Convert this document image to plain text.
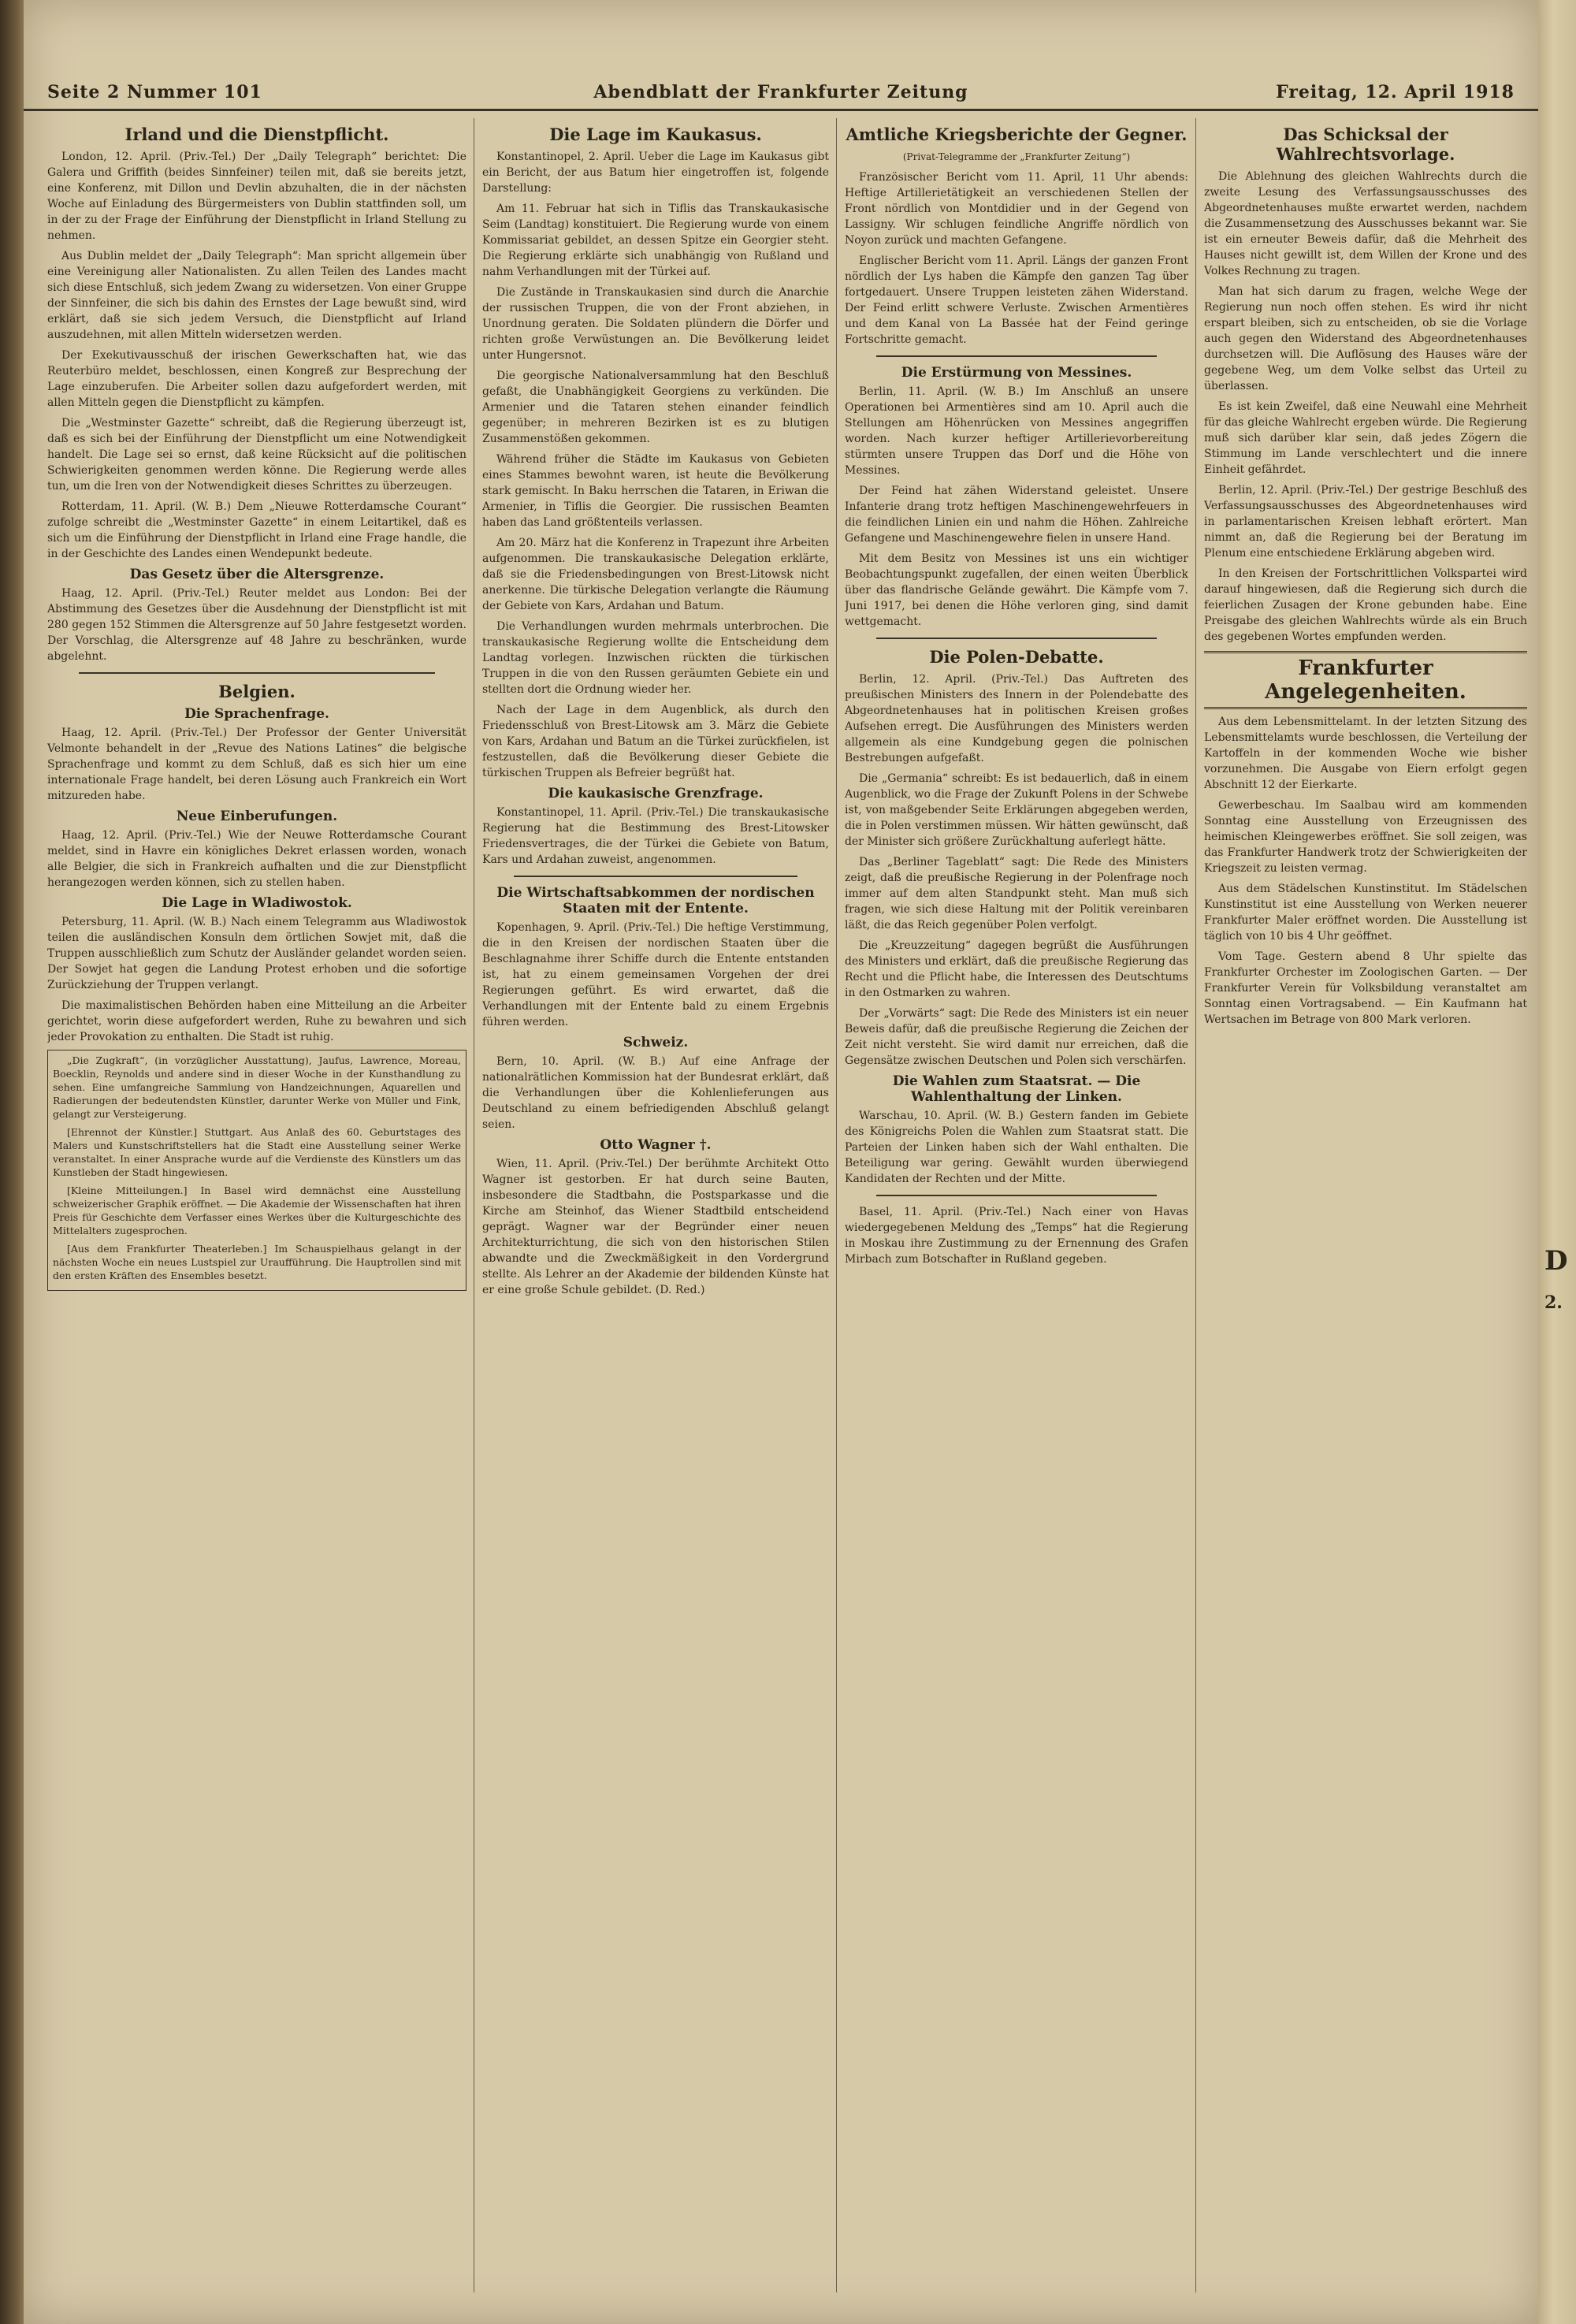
Seite 2 Nummer 101	Abendblatt der Frankfurter Zeitung	Freitag, 12. April 1918
Irland und die Dienstpflicht.

London, 12. April. (Priv.-Tel.) Der „Daily Telegraph“ berichtet: Die Galera und Griffith (beides Sinnfeiner) teilen mit, daß sie bereits jetzt, eine Konferenz, mit Dillon und Devlin abzuhalten, die in der nächsten Woche auf Einladung des Bürgermeisters von Dublin stattfinden soll, um in der zu der Frage der Einführung der Dienstpflicht in Irland Stellung zu nehmen.

Aus Dublin meldet der „Daily Telegraph“: Man spricht allgemein über eine Vereinigung aller Nationalisten. Zu allen Teilen des Landes macht sich diese Entschluß, sich jedem Zwang zu widersetzen. Von einer Gruppe der Sinnfeiner, die sich bis dahin des Ernstes der Lage bewußt sind, wird erklärt, daß sie sich jedem Versuch, die Dienstpflicht auf Irland auszudehnen, mit allen Mitteln widersetzen werden.

Der Exekutivausschuß der irischen Gewerkschaften hat, wie das Reuterbüro meldet, beschlossen, einen Kongreß zur Besprechung der Lage einzuberufen. Die Arbeiter sollen dazu aufgefordert werden, mit allen Mitteln gegen die Dienstpflicht zu kämpfen.

Die „Westminster Gazette“ schreibt, daß die Regierung überzeugt ist, daß es sich bei der Einführung der Dienstpflicht um eine Notwendigkeit handelt. Die Lage sei so ernst, daß keine Rücksicht auf die politischen Schwierigkeiten genommen werden könne. Die Regierung werde alles tun, um die Iren von der Notwendigkeit dieses Schrittes zu überzeugen.

Rotterdam, 11. April. (W. B.) Dem „Nieuwe Rotterdamsche Courant“ zufolge schreibt die „Westminster Gazette“ in einem Leitartikel, daß es sich um die Einführung der Dienstpflicht in Irland eine Frage handle, die in der Geschichte des Landes einen Wendepunkt bedeute.

Das Gesetz über die Altersgrenze.

Haag, 12. April. (Priv.-Tel.) Reuter meldet aus London: Bei der Abstimmung des Gesetzes über die Ausdehnung der Dienstpflicht ist mit 280 gegen 152 Stimmen die Altersgrenze auf 50 Jahre festgesetzt worden. Der Vorschlag, die Altersgrenze auf 48 Jahre zu beschränken, wurde abgelehnt.

Belgien.
Die Sprachenfrage.

Haag, 12. April. (Priv.-Tel.) Der Professor der Genter Universität Velmonte behandelt in der „Revue des Nations Latines“ die belgische Sprachenfrage und kommt zu dem Schluß, daß es sich hier um eine internationale Frage handelt, bei deren Lösung auch Frankreich ein Wort mitzureden habe.

Neue Einberufungen.

Haag, 12. April. (Priv.-Tel.) Wie der Neuwe Rotterdamsche Courant meldet, sind in Havre ein königliches Dekret erlassen worden, wonach alle Belgier, die sich in Frankreich aufhalten und die zur Dienstpflicht herangezogen werden können, sich zu stellen haben.

Die Lage in Wladiwostok.

Petersburg, 11. April. (W. B.) Nach einem Telegramm aus Wladiwostok teilen die ausländischen Konsuln dem örtlichen Sowjet mit, daß die Truppen ausschließlich zum Schutz der Ausländer gelandet worden seien. Der Sowjet hat gegen die Landung Protest erhoben und die sofortige Zurückziehung der Truppen verlangt.

Die maximalistischen Behörden haben eine Mitteilung an die Arbeiter gerichtet, worin diese aufgefordert werden, Ruhe zu bewahren und sich jeder Provokation zu enthalten. Die Stadt ist ruhig.

„Die Zugkraft“, (in vorzüglicher Ausstattung), Jaufus, Lawrence, Moreau, Boecklin, Reynolds und andere sind in dieser Woche in der Kunsthandlung zu sehen. Eine umfangreiche Sammlung von Handzeichnungen, Aquarellen und Radierungen der bedeutendsten Künstler, darunter Werke von Müller und Fink, gelangt zur Versteigerung.

[Ehrennot der Künstler.] Stuttgart. Aus Anlaß des 60. Geburtstages des Malers und Kunstschriftstellers hat die Stadt eine Ausstellung seiner Werke veranstaltet. In einer Ansprache wurde auf die Verdienste des Künstlers um das Kunstleben der Stadt hingewiesen.

[Kleine Mitteilungen.] In Basel wird demnächst eine Ausstellung schweizerischer Graphik eröffnet. — Die Akademie der Wissenschaften hat ihren Preis für Geschichte dem Verfasser eines Werkes über die Kulturgeschichte des Mittelalters zugesprochen.

[Aus dem Frankfurter Theaterleben.] Im Schauspielhaus gelangt in der nächsten Woche ein neues Lustspiel zur Uraufführung. Die Hauptrollen sind mit den ersten Kräften des Ensembles besetzt.

Die Lage im Kaukasus.

Konstantinopel, 2. April. Ueber die Lage im Kaukasus gibt ein Bericht, der aus Batum hier eingetroffen ist, folgende Darstellung:

Am 11. Februar hat sich in Tiflis das Transkaukasische Seim (Landtag) konstituiert. Die Regierung wurde von einem Kommissariat gebildet, an dessen Spitze ein Georgier steht. Die Regierung erklärte sich unabhängig von Rußland und nahm Verhandlungen mit der Türkei auf.

Die Zustände in Transkaukasien sind durch die Anarchie der russischen Truppen, die von der Front abziehen, in Unordnung geraten. Die Soldaten plündern die Dörfer und richten große Verwüstungen an. Die Bevölkerung leidet unter Hungersnot.

Die georgische Nationalversammlung hat den Beschluß gefaßt, die Unabhängigkeit Georgiens zu verkünden. Die Armenier und die Tataren stehen einander feindlich gegenüber; in mehreren Bezirken ist es zu blutigen Zusammenstößen gekommen.

Während früher die Städte im Kaukasus von Gebieten eines Stammes bewohnt waren, ist heute die Bevölkerung stark gemischt. In Baku herrschen die Tataren, in Eriwan die Armenier, in Tiflis die Georgier. Die russischen Beamten haben das Land größtenteils verlassen.

Am 20. März hat die Konferenz in Trapezunt ihre Arbeiten aufgenommen. Die transkaukasische Delegation erklärte, daß sie die Friedensbedingungen von Brest-Litowsk nicht anerkenne. Die türkische Delegation verlangte die Räumung der Gebiete von Kars, Ardahan und Batum.

Die Verhandlungen wurden mehrmals unterbrochen. Die transkaukasische Regierung wollte die Entscheidung dem Landtag vorlegen. Inzwischen rückten die türkischen Truppen in die von den Russen geräumten Gebiete ein und stellten dort die Ordnung wieder her.

Nach der Lage in dem Augenblick, als durch den Friedensschluß von Brest-Litowsk am 3. März die Gebiete von Kars, Ardahan und Batum an die Türkei zurückfielen, ist festzustellen, daß die Bevölkerung dieser Gebiete die türkischen Truppen als Befreier begrüßt hat.

Die kaukasische Grenzfrage.

Konstantinopel, 11. April. (Priv.-Tel.) Die transkaukasische Regierung hat die Bestimmung des Brest-Litowsker Friedensvertrages, die der Türkei die Gebiete von Batum, Kars und Ardahan zuweist, angenommen.

Die Wirtschaftsabkommen der nordischen Staaten mit der Entente.

Kopenhagen, 9. April. (Priv.-Tel.) Die heftige Verstimmung, die in den Kreisen der nordischen Staaten über die Beschlagnahme ihrer Schiffe durch die Entente entstanden ist, hat zu einem gemeinsamen Vorgehen der drei Regierungen geführt. Es wird erwartet, daß die Verhandlungen mit der Entente bald zu einem Ergebnis führen werden.

Schweiz.

Bern, 10. April. (W. B.) Auf eine Anfrage der nationalrätlichen Kommission hat der Bundesrat erklärt, daß die Verhandlungen über die Kohlenlieferungen aus Deutschland zu einem befriedigenden Abschluß gelangt seien.

Otto Wagner †.

Wien, 11. April. (Priv.-Tel.) Der berühmte Architekt Otto Wagner ist gestorben. Er hat durch seine Bauten, insbesondere die Stadtbahn, die Postsparkasse und die Kirche am Steinhof, das Wiener Stadtbild entscheidend geprägt. Wagner war der Begründer einer neuen Architekturrichtung, die sich von den historischen Stilen abwandte und die Zweckmäßigkeit in den Vordergrund stellte. Als Lehrer an der Akademie der bildenden Künste hat er eine große Schule gebildet. (D. Red.)

Amtliche Kriegsberichte der Gegner.

(Privat-Telegramme der „Frankfurter Zeitung“)

Französischer Bericht vom 11. April, 11 Uhr abends: Heftige Artillerietätigkeit an verschiedenen Stellen der Front nördlich von Montdidier und in der Gegend von Lassigny. Wir schlugen feindliche Angriffe nördlich von Noyon zurück und machten Gefangene.

Englischer Bericht vom 11. April. Längs der ganzen Front nördlich der Lys haben die Kämpfe den ganzen Tag über fortgedauert. Unsere Truppen leisteten zähen Widerstand. Der Feind erlitt schwere Verluste. Zwischen Armentières und dem Kanal von La Bassée hat der Feind geringe Fortschritte gemacht.

Die Erstürmung von Messines.

Berlin, 11. April. (W. B.) Im Anschluß an unsere Operationen bei Armentières sind am 10. April auch die Stellungen am Höhenrücken von Messines angegriffen worden. Nach kurzer heftiger Artillerievorbereitung stürmten unsere Truppen das Dorf und die Höhe von Messines.

Der Feind hat zähen Widerstand geleistet. Unsere Infanterie drang trotz heftigen Maschinengewehrfeuers in die feindlichen Linien ein und nahm die Höhen. Zahlreiche Gefangene und Maschinengewehre fielen in unsere Hand.

Mit dem Besitz von Messines ist uns ein wichtiger Beobachtungspunkt zugefallen, der einen weiten Überblick über das flandrische Gelände gewährt. Die Kämpfe vom 7. Juni 1917, bei denen die Höhe verloren ging, sind damit wettgemacht.

Die Polen-Debatte.

Berlin, 12. April. (Priv.-Tel.) Das Auftreten des preußischen Ministers des Innern in der Polendebatte des Abgeordnetenhauses hat in politischen Kreisen großes Aufsehen erregt. Die Ausführungen des Ministers werden allgemein als eine Kundgebung gegen die polnischen Bestrebungen aufgefaßt.

Die „Germania“ schreibt: Es ist bedauerlich, daß in einem Augenblick, wo die Frage der Zukunft Polens in der Schwebe ist, von maßgebender Seite Erklärungen abgegeben werden, die in Polen verstimmen müssen. Wir hätten gewünscht, daß der Minister sich größere Zurückhaltung auferlegt hätte.

Das „Berliner Tageblatt“ sagt: Die Rede des Ministers zeigt, daß die preußische Regierung in der Polenfrage noch immer auf dem alten Standpunkt steht. Man muß sich fragen, wie sich diese Haltung mit der Politik vereinbaren läßt, die das Reich gegenüber Polen verfolgt.

Die „Kreuzzeitung“ dagegen begrüßt die Ausführungen des Ministers und erklärt, daß die preußische Regierung das Recht und die Pflicht habe, die Interessen des Deutschtums in den Ostmarken zu wahren.

Der „Vorwärts“ sagt: Die Rede des Ministers ist ein neuer Beweis dafür, daß die preußische Regierung die Zeichen der Zeit nicht versteht. Sie wird damit nur erreichen, daß die Gegensätze zwischen Deutschen und Polen sich verschärfen.

Die Wahlen zum Staatsrat. — Die Wahlenthaltung der Linken.

Warschau, 10. April. (W. B.) Gestern fanden im Gebiete des Königreichs Polen die Wahlen zum Staatsrat statt. Die Parteien der Linken haben sich der Wahl enthalten. Die Beteiligung war gering. Gewählt wurden überwiegend Kandidaten der Rechten und der Mitte.

Basel, 11. April. (Priv.-Tel.) Nach einer von Havas wiedergegebenen Meldung des „Temps“ hat die Regierung in Moskau ihre Zustimmung zu der Ernennung des Grafen Mirbach zum Botschafter in Rußland gegeben.

Das Schicksal der Wahlrechtsvorlage.

Die Ablehnung des gleichen Wahlrechts durch die zweite Lesung des Verfassungsausschusses des Abgeordnetenhauses mußte erwartet werden, nachdem die Zusammensetzung des Ausschusses bekannt war. Sie ist ein erneuter Beweis dafür, daß die Mehrheit des Hauses nicht gewillt ist, dem Willen der Krone und des Volkes Rechnung zu tragen.

Man hat sich darum zu fragen, welche Wege der Regierung nun noch offen stehen. Es wird ihr nicht erspart bleiben, sich zu entscheiden, ob sie die Vorlage auch gegen den Widerstand des Abgeordnetenhauses durchsetzen will. Die Auflösung des Hauses wäre der gegebene Weg, um dem Volke selbst das Urteil zu überlassen.

Es ist kein Zweifel, daß eine Neuwahl eine Mehrheit für das gleiche Wahlrecht ergeben würde. Die Regierung muß sich darüber klar sein, daß jedes Zögern die Stimmung im Lande verschlechtert und die innere Einheit gefährdet.

Berlin, 12. April. (Priv.-Tel.) Der gestrige Beschluß des Verfassungsausschusses des Abgeordnetenhauses wird in parlamentarischen Kreisen lebhaft erörtert. Man nimmt an, daß die Regierung bei der Beratung im Plenum eine entschiedene Erklärung abgeben wird.

In den Kreisen der Fortschrittlichen Volkspartei wird darauf hingewiesen, daß die Regierung sich durch die feierlichen Zusagen der Krone gebunden habe. Eine Preisgabe des gleichen Wahlrechts würde als ein Bruch des gegebenen Wortes empfunden werden.

Frankfurter Angelegenheiten.

Aus dem Lebensmittelamt. In der letzten Sitzung des Lebensmittelamts wurde beschlossen, die Verteilung der Kartoffeln in der kommenden Woche wie bisher vorzunehmen. Die Ausgabe von Eiern erfolgt gegen Abschnitt 12 der Eierkarte.

Gewerbeschau. Im Saalbau wird am kommenden Sonntag eine Ausstellung von Erzeugnissen des heimischen Kleingewerbes eröffnet. Sie soll zeigen, was das Frankfurter Handwerk trotz der Schwierigkeiten der Kriegszeit zu leisten vermag.

Aus dem Städelschen Kunstinstitut. Im Städelschen Kunstinstitut ist eine Ausstellung von Werken neuerer Frankfurter Maler eröffnet worden. Die Ausstellung ist täglich von 10 bis 4 Uhr geöffnet.

Vom Tage. Gestern abend 8 Uhr spielte das Frankfurter Orchester im Zoologischen Garten. — Der Frankfurter Verein für Volksbildung veranstaltet am Sonntag einen Vortragsabend. — Ein Kaufmann hat Wertsachen im Betrage von 800 Mark verloren.

D
2.
